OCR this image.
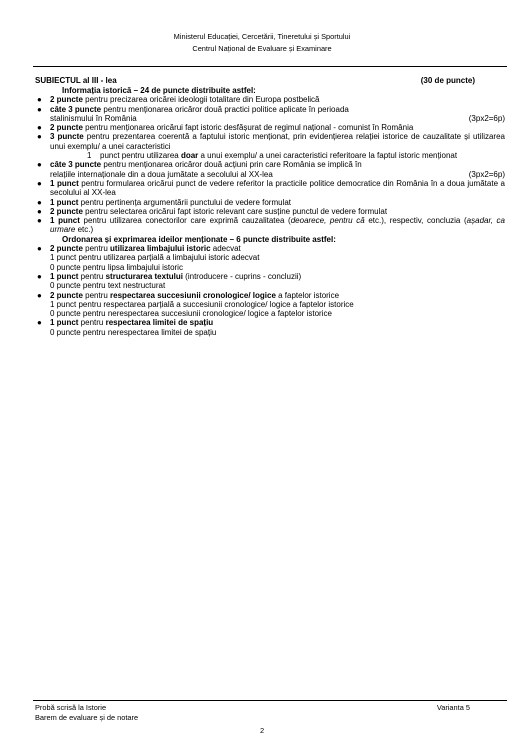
Ministerul Educației, Cercetării, Tineretului și Sportului
Centrul Național de Evaluare și Examinare
SUBIECTUL al III - lea	(30 de puncte)
Informația istorică – 24 de puncte distribuite astfel:
● 2 puncte pentru precizarea oricărei ideologii totalitare din Europa postbelică
● câte 3 puncte pentru menționarea oricăror două practici politice aplicate în perioada
stalinismului în România	(3px2=6p)
● 2 puncte pentru menționarea oricărui fapt istoric desfășurat de regimul național - comunist în România
● 3 puncte pentru prezentarea coerentă a faptului istoric menționat, prin evidențierea relației istorice de cauzalitate și utilizarea unui exemplu/ a unei caracteristici
1 punct pentru utilizarea doar a unui exemplu/ a unei caracteristici referitoare la faptul istoric menționat
● câte 3 puncte pentru menționarea oricăror două acțiuni prin care România se implică în
relațiile internaționale din a doua jumătate a secolului al XX-lea	(3px2=6p)
● 1 punct pentru formularea oricărui punct de vedere referitor la practicile politice democratice din România în a doua jumătate a secolului al XX-lea
● 1 punct pentru pertinența argumentării punctului de vedere formulat
● 2 puncte pentru selectarea oricărui fapt istoric relevant care susține punctul de vedere formulat
● 1 punct pentru utilizarea conectorilor care exprimă cauzalitatea (deoarece, pentru că etc.), respectiv, concluzia (așadar, ca urmare etc.)
Ordonarea și exprimarea ideilor menționate – 6 puncte distribuite astfel:
● 2 puncte pentru utilizarea limbajului istoric adecvat
1 punct pentru utilizarea parțială a limbajului istoric adecvat
0 puncte pentru lipsa limbajului istoric
● 1 punct pentru structurarea textului (introducere - cuprins - concluzii)
0 puncte pentru text nestructurat
● 2 puncte pentru respectarea succesiunii cronologice/ logice a faptelor istorice
1 punct pentru respectarea parțială a succesiunii cronologice/ logice a faptelor istorice
0 puncte pentru nerespectarea succesiunii cronologice/ logice a faptelor istorice
● 1 punct pentru respectarea limitei de spațiu
0 puncte pentru nerespectarea limitei de spațiu
Probă scrisă la Istorie
Barem de evaluare și de notare
Varianta 5
2
